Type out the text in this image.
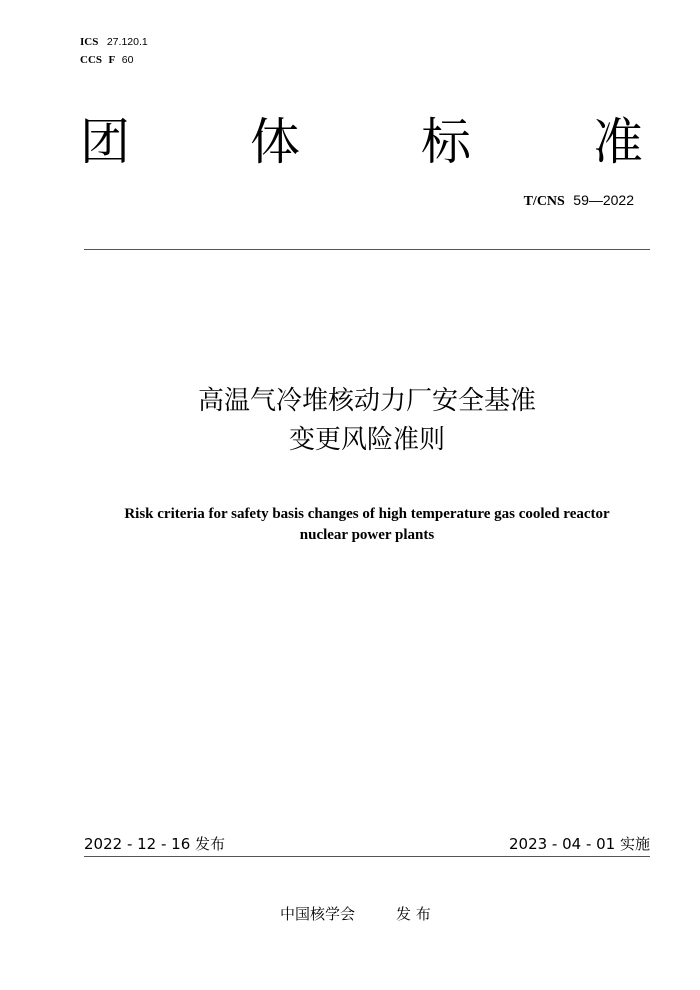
ICS 27.120.1
CCS F 60
团 体 标 准
T/CNS 59—2022
高温气冷堆核动力厂安全基准
变更风险准则
Risk criteria for safety basis changes of high temperature gas cooled reactor
nuclear power plants
2022 - 12 - 16 发布	2023 - 04 - 01 实施
中国核学会	发 布
